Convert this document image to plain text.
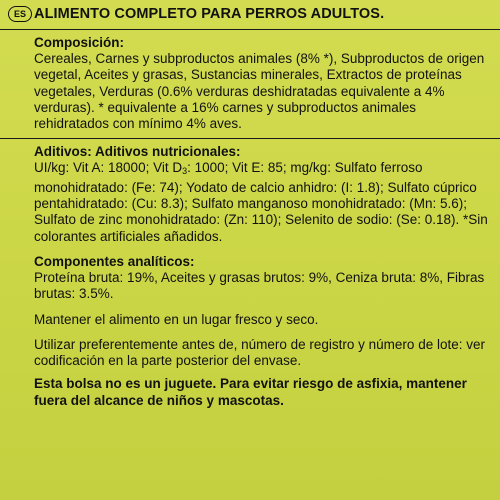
ES ALIMENTO COMPLETO PARA PERROS ADULTOS.

Composición:

Cereales, Carnes y subproductos animales (8% *), Subproductos de origen vegetal, Aceites y grasas, Sustancias minerales, Extractos de proteínas vegetales, Verduras (0.6% verduras deshidratadas equivalente a 4% verduras). * equivalente a 16% carnes y subproductos animales rehidratados con mínimo 4% aves.

Aditivos: Aditivos nutricionales:

UI/kg: Vit A: 18000; Vit $D_3$: 1000; Vit E: 85; mg/kg: Sulfato ferroso monohidratado: (Fe: 74); Yodato de calcio anhidro: (I: 1.8); Sulfato cúprico pentahidratado: (Cu: 8.3); Sulfato manganoso monohidratado: (Mn: 5.6); Sulfato de zinc monohidratado: (Zn: 110); Selenito de sodio: (Se: 0.18). *Sin colorantes artificiales añadidos.

Componentes analíticos:

Proteína bruta: 19%, Aceites y grasas brutos: 9%, Ceniza bruta: 8%, Fibras brutas: 3.5%.

Mantener el alimento en un lugar fresco y seco.

Utilizar preferentemente antes de, número de registro y número de lote: ver codificación en la parte posterior del envase.

Esta bolsa no es un juguete. Para evitar riesgo de asfixia, mantener fuera del alcance de niños y mascotas.
